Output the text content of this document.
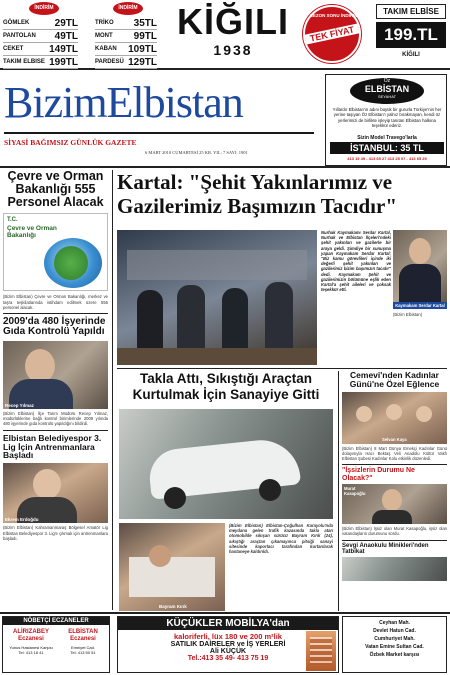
İNDİRİM
GÖMLEK	29TL
PANTOLAN 49TL
CEKET	149TL
TAKIM ELBISE 199TL
İNDİRİM
TRİKO 35TL
MONT 99TL
KABAN 109TL
PARDESÜ 129TL
KİĞILI
1938
SEZON SONU İNDİRİM
TEK FİYAT
TAKIM ELBİSE
199.TL
KİĞILI
BizimElbistan
SİYASİ BAĞIMSIZ GÜNLÜK GAZETE
6 MART 2010 CUMARTESİ 25 KR. YIL: 7 SAYI: 1901
Öz
ELBİSTAN
SEYAHAT
Yıllardır Elbistan'ın adını büyük bir gururla Türkiye'nin her yerine taşıyan Öz Elbistan'ı yalnız bırakmayan, kendi öz yerlerimizi de birlikte işleyip tanıtan Elbistan halkına teşekkür ederiz.
Sizin Model Travego'larla
İSTANBUL: 35 TL
413 19 49 - 413 65 27 413 25 07 - 413 65 29
Çevre ve Orman Bakanlığı 555 Personel Alacak
T.C.
Çevre ve Orman Bakanlığı
(Bizim Elbistan) Çevre ve Orman Bakanlığı, merkez ve taşra teşkilatlarında istihdam edilmek üzere 555 personel alacak.
2009'da 480 İşyerinde Gıda Kontrolü Yapıldı
Recep Yılmaz
(Bizim Elbistan) İlçe Tarım Müdürü Recep Yılmaz, müdürlüklerine bağlı kontrol birimlerinde 2009 yılında 480 işyerinde gıda kontrolü yapıldığını bildirdi.
Elbistan Belediyespor 3. Lig İçin Antrenmanlara Başladı
Ekrem Erdoğdu
(Bizim Elbistan) Kahramanmaraş Bölgesel Amatör Lig Elbistan Belediyespor 3. Lig'e çıkmak için antrenmanlara başladı.
Kartal: "Şehit Yakınlarımız ve Gazilerimiz Başımızın Tacıdır"
Kaymakam Serdar Kartal
Nurhak Kaymakamı Serdar Kartal, Nurhak ve Elbistan İlçeleri'ndeki şehit yakınları ve gazilerle bir araya geldi. Şimdiye bir sunuşma yapan Kaymakam Serdar Kartal; "Biz kamu görevlileri içinde iki değerli şehit yakınları ve gazilerimiz bizim başımızın tacıdır" dedi. Kaymakam Şehit ve gazilerimizin bölümüne eşlik eden Kartal'a şehit aileleri ve çoksak teşekkür etti.
(Bizim Elbistan)
Takla Attı, Sıkıştığı Araçtan Kurtulmak İçin Sanayiye Gitti
Bayram Kırık
(Bizim Elbistan) Elbistan-Çoğulhan Karayolu'nda meydana gelen trafik kazasında takla atan otomobilde sıkışan sürücü Bayram Kırık (24), sıkıştığı araçtan çıkamayınca pitsiği sanayi sitesinde kaportacı tarafından kurtarılarak hastaneye kaldırıldı.
Cemevi'nden Kadınlar Günü'ne Özel Eğlence
Selvan Kaya
(Bizim Elbistan) 8 Mart Dünya Emekçi Kadınlar Günü dolayısıyla Hacı Bektaş Veli Anadolu Kültür Vakfı Elbistan Şubesi Kadınlar Kolu etkinlik düzenledi.
"İşsizlerin Durumu Ne Olacak?"
Murat Kasapoğlu
(Bizim Elbistan) İşsiz olan Murat Kasapoğlu, işsiz olan vatandaşların durumunu sordu.
Sevgi Anaokulu Minikleri'nden Tatbikat
NÖBETÇİ ECZANELER
ALİRIZABEY Eczanesi
Yunus Hastanesi Karşısı
Tel: 413 18 41
ELBİSTAN Eczanesi
Emniyet Cad.
Tel: 413 50 51
KÜÇÜKLER MOBİLYA'dan
kaloriferli, lüx 180 ve 200 m²lik
SATILIK DAİRELER ve İŞ YERLERİ
Ali KÜÇÜK
Tel.:413 35 49- 413 75 19
Ceyhan Mah.
Devlet Hatun Cad.
Cumhuriyet Mah.
Vatan Emine Sultan Cad.
Özbek Market karşısı
